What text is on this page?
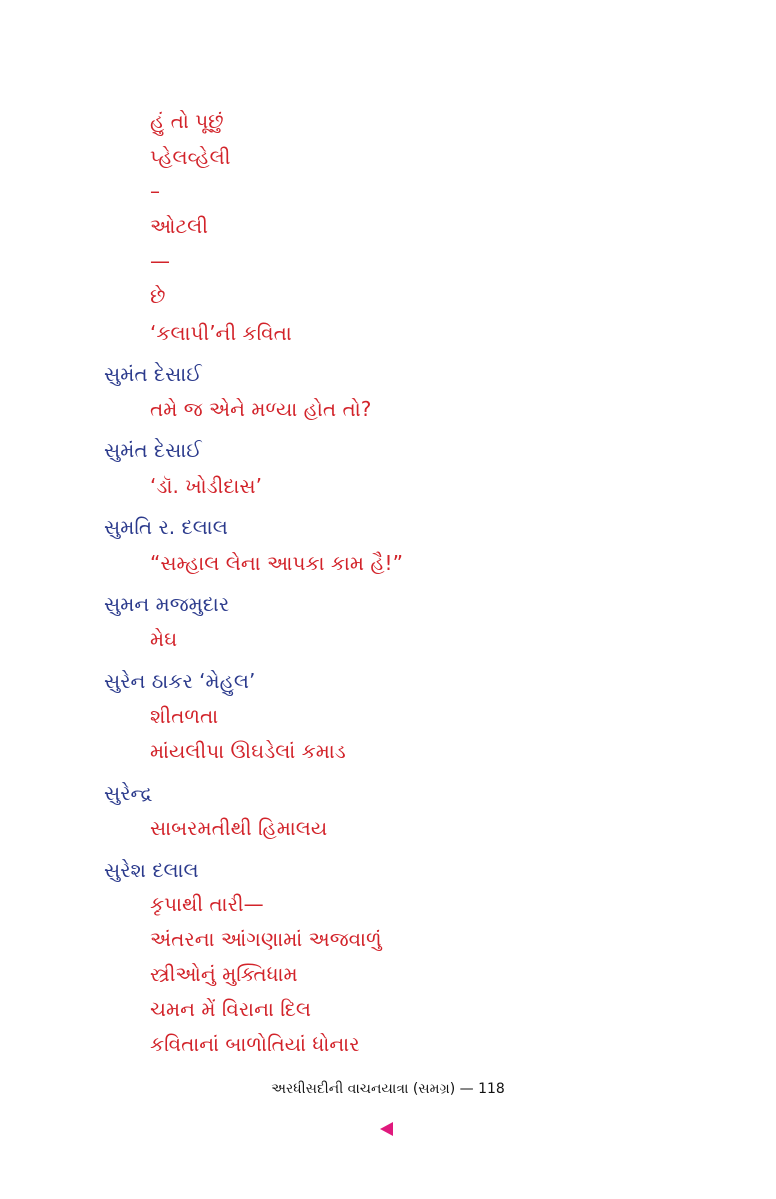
હું તો પૂછું
પ્હેલવ્હેલી
–
ઓટલી
—
છે
‘કલાપી’ની કવિતા
સુમંત દેસાઈ
તમે જ એને મળ્યા હોત તો?
સુમંત દેસાઈ
‘ડૉ. ખોડીદાસ’
સુમતિ ર. દલાલ
“સમ્હાલ લેના આપકા કામ હૈ!”
સુમન મજમુદાર
મેઘ
સુરેન ઠાકર ‘મેહુલ’
શીતળતા
માંયલીપા ઊઘડેલાં કમાડ
સુરેન્દ્ર
સાબરમતીથી હિમાલય
સુરેશ દલાલ
કૃપાથી તારી—
અંતરના આંગણામાં અજવાળું
સ્ત્રીઓનું મુક્તિધામ
ચમન મેં વિરાના દિલ
કવિતાનાં બાળોતિયાં ધોનાર
અરધીસદીની વાચનયાત્રા (સમગ્ર) — 118
